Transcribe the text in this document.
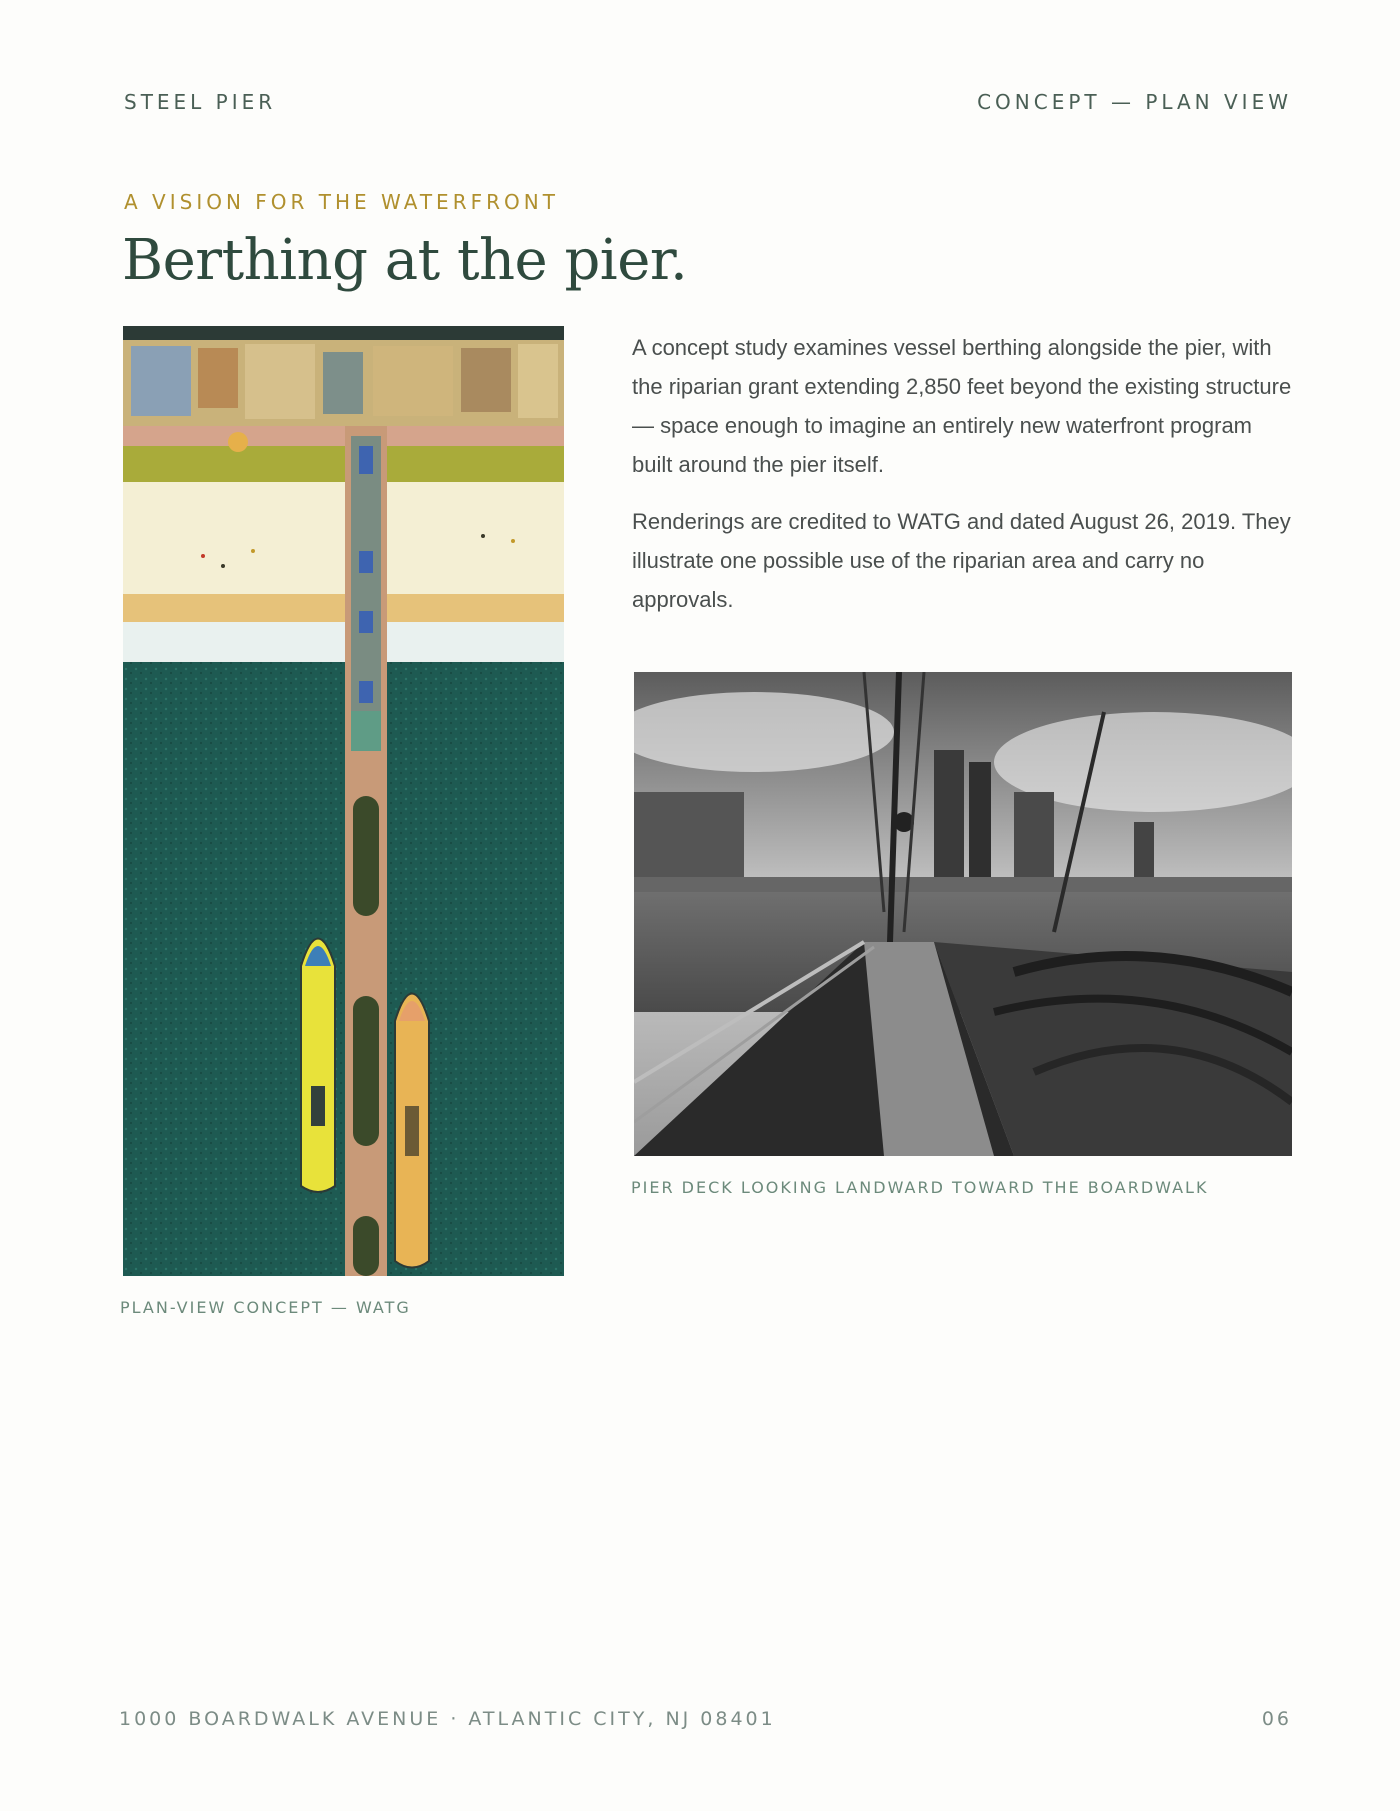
STEEL PIER	CONCEPT — PLAN VIEW
A VISION FOR THE WATERFRONT
Berthing at the pier.

A concept study examines vessel berthing alongside the pier, with the riparian grant extending 2,850 feet beyond the existing structure — space enough to imagine an entirely new waterfront program built around the pier itself.

Renderings are credited to WATG and dated August 26, 2019. They illustrate one possible use of the riparian area and carry no approvals.

PIER DECK LOOKING LANDWARD TOWARD THE BOARDWALK
PLAN-VIEW CONCEPT — WATG
1000 BOARDWALK AVENUE · ATLANTIC CITY, NJ 08401	06
